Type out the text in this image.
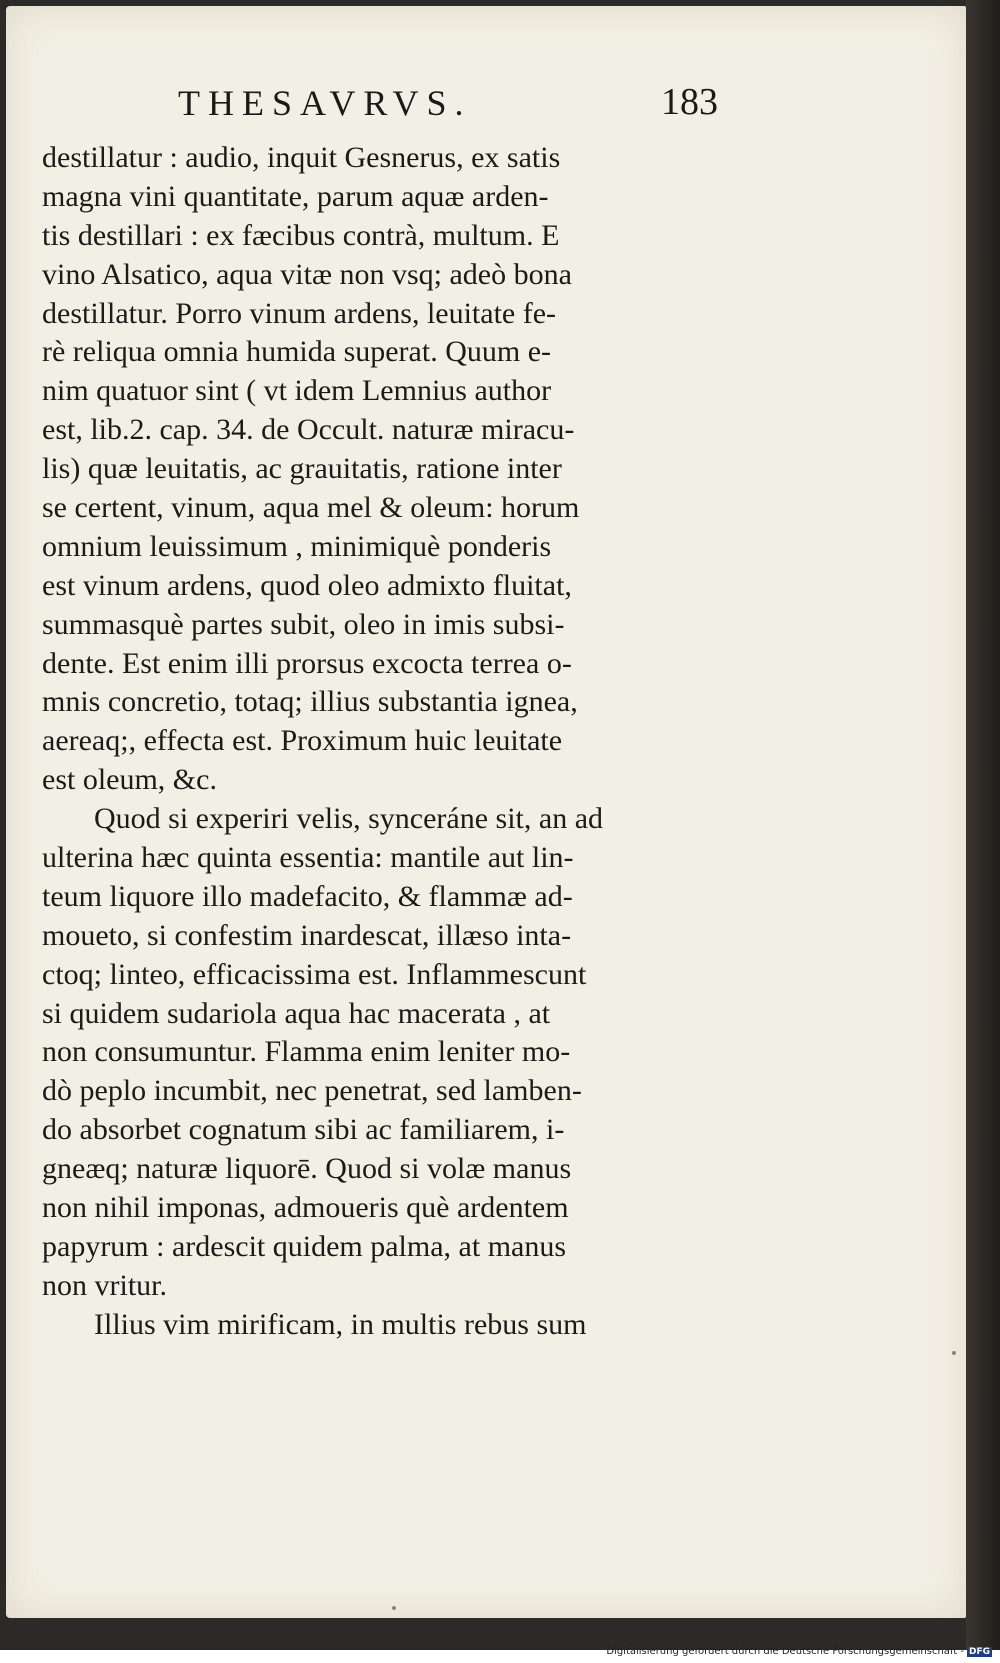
THESAVRVS.	183
destillatur : audio, inquit Gesnerus, ex satis
magna vini quantitate, parum aquæ arden-
tis destillari : ex fæcibus contrà, multum. E
vino Alsatico, aqua vitæ non vsq; adeò bona
destillatur. Porro vinum ardens, leuitate fe-
rè reliqua omnia humida superat. Quum e-
nim quatuor sint ( vt idem Lemnius author
est, lib.2. cap. 34. de Occult. naturæ miracu-
lis) quæ leuitatis, ac grauitatis, ratione inter
se certent, vinum, aqua mel & oleum: horum
omnium leuissimum , minimiquè ponderis
est vinum ardens, quod oleo admixto fluitat,
summasquè partes subit, oleo in imis subsi-
dente. Est enim illi prorsus excocta terrea o-
mnis concretio, totaq; illius substantia ignea,
aereaq;, effecta est. Proximum huic leuitate
est oleum, &c.
Quod si experiri velis, synceráne sit, an ad
ulterina hæc quinta essentia: mantile aut lin-
teum liquore illo madefacito, & flammæ ad-
moueto, si confestim inardescat, illæso inta-
ctoq; linteo, efficacissima est. Inflammescunt
si quidem sudariola aqua hac macerata , at
non consumuntur. Flamma enim leniter mo-
dò peplo incumbit, nec penetrat, sed lamben-
do absorbet cognatum sibi ac familiarem, i-
gneæq; naturæ liquorē. Quod si volæ manus
non nihil imponas, admoueris què ardentem
papyrum : ardescit quidem palma, at manus
non vritur.
Illius vim mirificam, in multis rebus sum
Digitalisierung gefördert durch die Deutsche Forschungsgemeinschaft - DFG
